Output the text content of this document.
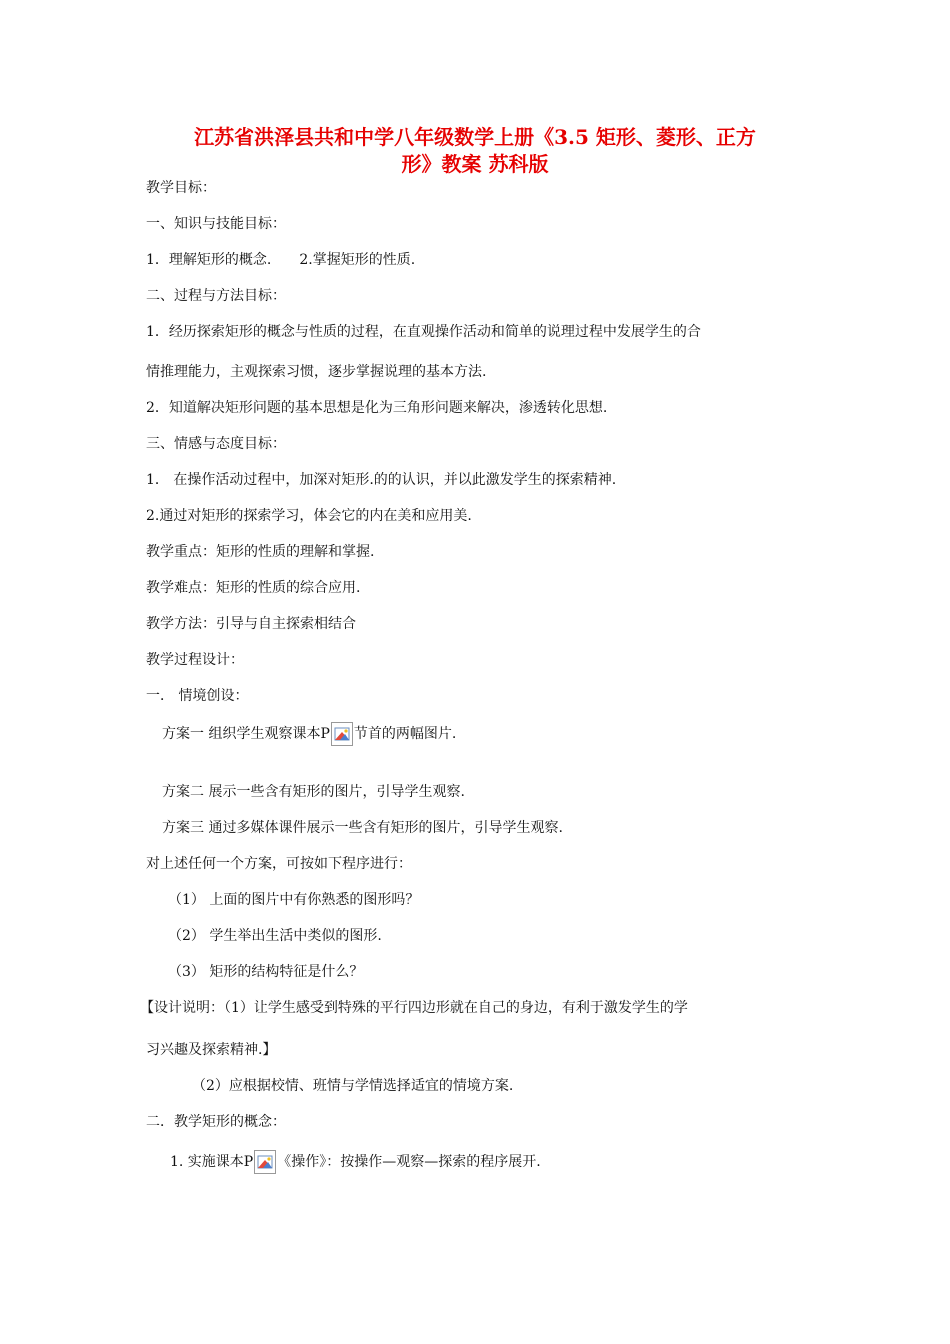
江苏省洪泽县共和中学八年级数学上册《3.5 矩形、菱形、正方
形》教案 苏科版
教学目标：
一、知识与技能目标：
1．理解矩形的概念. 2.掌握矩形的性质.
二、过程与方法目标：
1．经历探索矩形的概念与性质的过程，在直观操作活动和简单的说理过程中发展学生的合
情推理能力，主观探索习惯，逐步掌握说理的基本方法.
2．知道解决矩形问题的基本思想是化为三角形问题来解决，渗透转化思想.
三、情感与态度目标：
1． 在操作活动过程中，加深对矩形.的的认识，并以此激发学生的探索精神.
2.通过对矩形的探索学习，体会它的内在美和应用美.
教学重点：矩形的性质的理解和掌握.
教学难点：矩形的性质的综合应用.
教学方法：引导与自主探索相结合
教学过程设计：
一． 情境创设：
方案一 组织学生观察课本P 节首的两幅图片.
方案二 展示一些含有矩形的图片，引导学生观察.
方案三 通过多媒体课件展示一些含有矩形的图片，引导学生观察.
对上述任何一个方案，可按如下程序进行：
（1） 上面的图片中有你熟悉的图形吗？
（2） 学生举出生活中类似的图形.
（3） 矩形的结构特征是什么？
【设计说明：（1）让学生感受到特殊的平行四边形就在自己的身边，有利于激发学生的学
习兴趣及探索精神.】
（2）应根据校情、班情与学情选择适宜的情境方案.
二．教学矩形的概念：
1. 实施课本P 《操作》：按操作—观察—探索的程序展开.
